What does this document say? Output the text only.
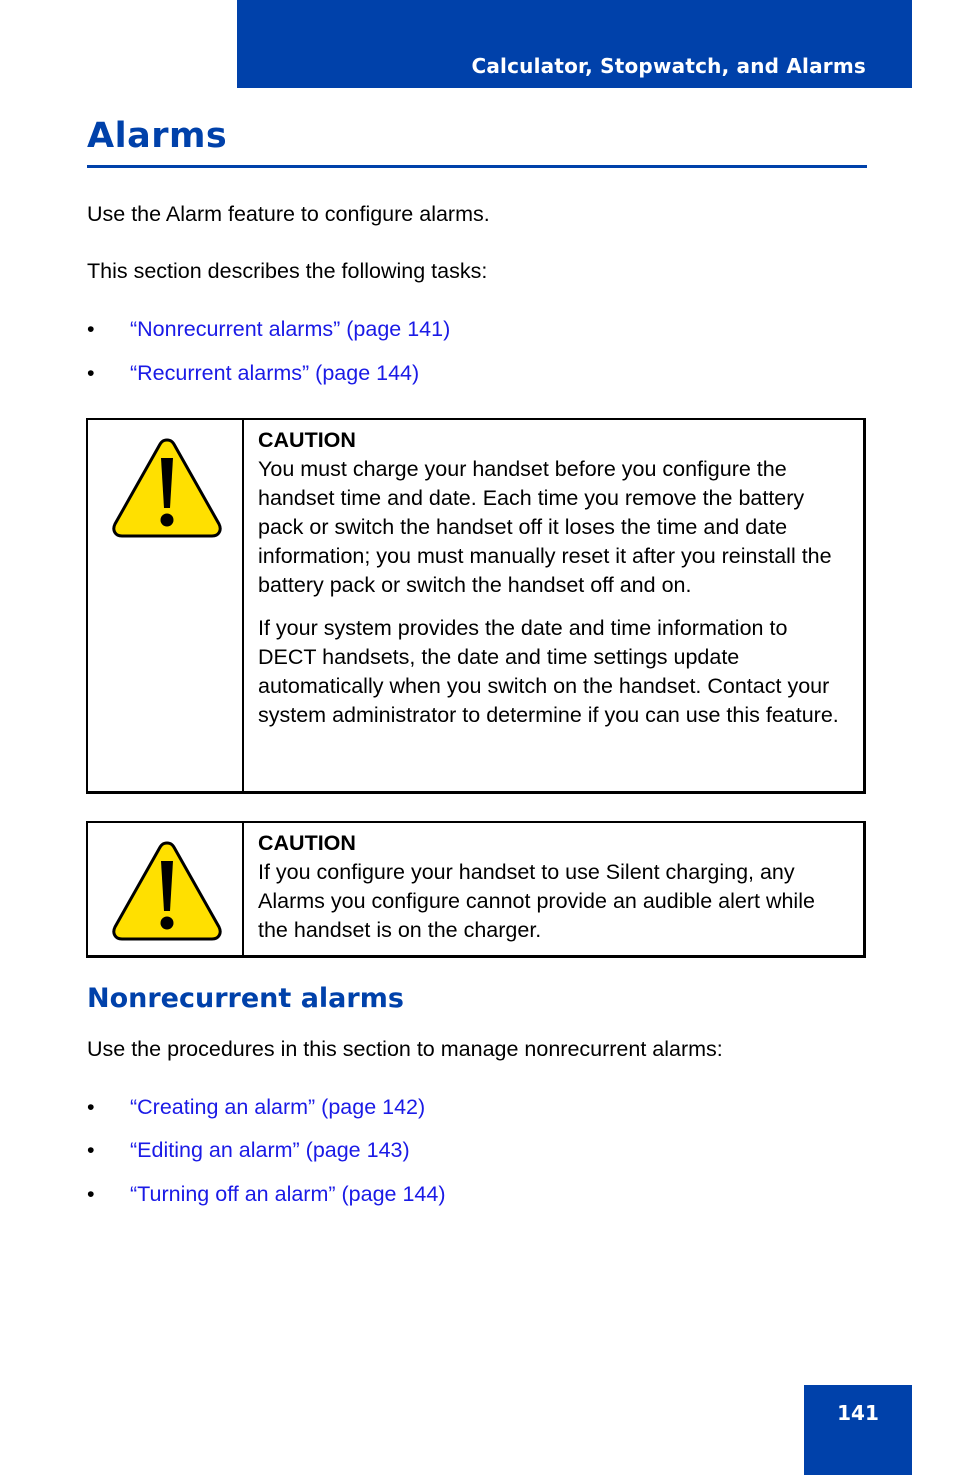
Calculator, Stopwatch, and Alarms
Alarms
Use the Alarm feature to configure alarms.
This section describes the following tasks:
• “Nonrecurrent alarms” (page 141)
• “Recurrent alarms” (page 144)
CAUTION

You must charge your handset before you configure the handset time and date. Each time you remove the battery pack or switch the handset off it loses the time and date information; you must manually reset it after you reinstall the battery pack or switch the handset off and on.

If your system provides the date and time information to DECT handsets, the date and time settings update automatically when you switch on the handset. Contact your system administrator to determine if you can use this feature.

CAUTION

If you configure your handset to use Silent charging, any Alarms you configure cannot provide an audible alert while the handset is on the charger.

Nonrecurrent alarms
Use the procedures in this section to manage nonrecurrent alarms:
• “Creating an alarm” (page 142)
• “Editing an alarm” (page 143)
• “Turning off an alarm” (page 144)
141
